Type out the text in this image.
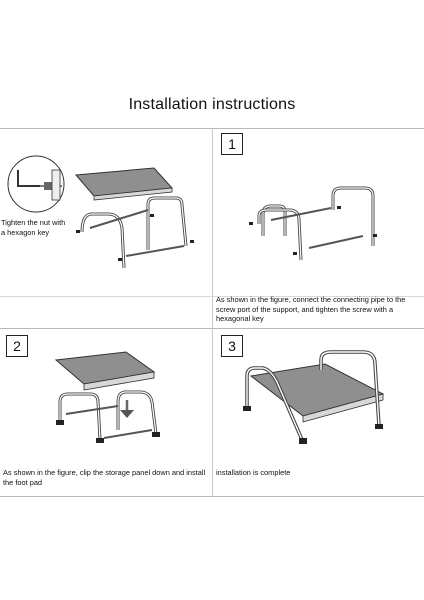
Installation instructions
Tighten the nut with a hexagon key
1
As shown in the figure, connect the connecting pipe to the screw port of the support, and tighten the screw with a hexagonal key
2
As shown in the figure, clip the storage panel down and install the foot pad
3
installation is complete
